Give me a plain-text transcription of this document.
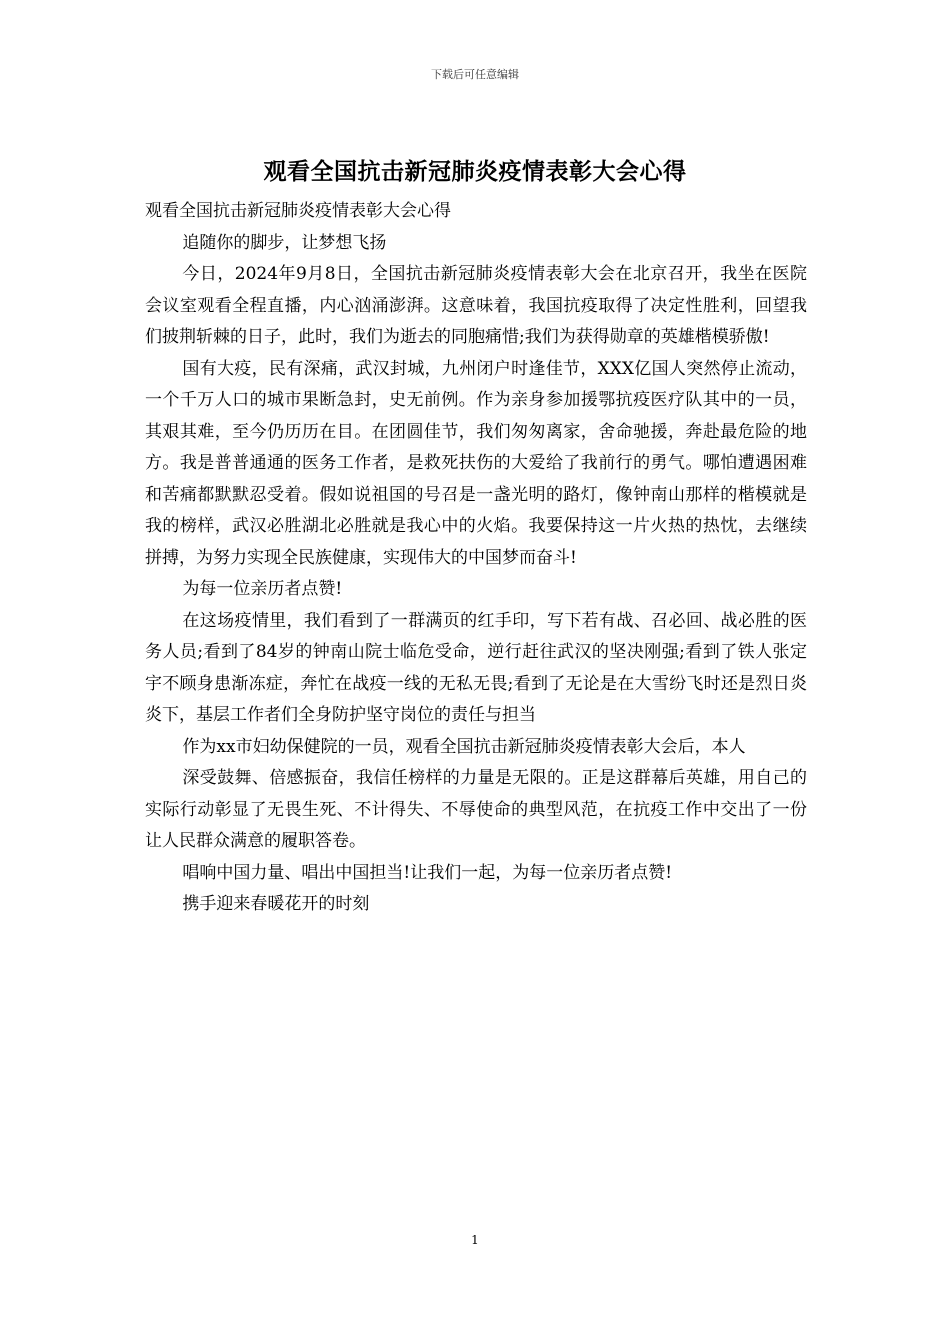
下载后可任意编辑
观看全国抗击新冠肺炎疫情表彰大会心得

观看全国抗击新冠肺炎疫情表彰大会心得

追随你的脚步，让梦想飞扬

今日，2024年9月8日，全国抗击新冠肺炎疫情表彰大会在北京召开，我坐在医院会议室观看全程直播，内心汹涌澎湃。这意味着，我国抗疫取得了决定性胜利，回望我们披荆斩棘的日子，此时，我们为逝去的同胞痛惜;我们为获得勋章的英雄楷模骄傲!

国有大疫，民有深痛，武汉封城，九州闭户时逢佳节，XXX亿国人突然停止流动，一个千万人口的城市果断急封，史无前例。作为亲身参加援鄂抗疫医疗队其中的一员，其艰其难，至今仍历历在目。在团圆佳节，我们匆匆离家，舍命驰援，奔赴最危险的地方。我是普普通通的医务工作者，是救死扶伤的大爱给了我前行的勇气。哪怕遭遇困难和苦痛都默默忍受着。假如说祖国的号召是一盏光明的路灯，像钟南山那样的楷模就是我的榜样，武汉必胜湖北必胜就是我心中的火焰。我要保持这一片火热的热忱，去继续拼搏，为努力实现全民族健康，实现伟大的中国梦而奋斗!

为每一位亲历者点赞!

在这场疫情里，我们看到了一群满页的红手印，写下若有战、召必回、战必胜的医务人员;看到了84岁的钟南山院士临危受命，逆行赶往武汉的坚决刚强;看到了铁人张定宇不顾身患渐冻症，奔忙在战疫一线的无私无畏;看到了无论是在大雪纷飞时还是烈日炎炎下，基层工作者们全身防护坚守岗位的责任与担当

作为xx市妇幼保健院的一员，观看全国抗击新冠肺炎疫情表彰大会后，本人

深受鼓舞、倍感振奋，我信任榜样的力量是无限的。正是这群幕后英雄，用自己的实际行动彰显了无畏生死、不计得失、不辱使命的典型风范，在抗疫工作中交出了一份让人民群众满意的履职答卷。

唱响中国力量、唱出中国担当!让我们一起，为每一位亲历者点赞!

携手迎来春暖花开的时刻

1
